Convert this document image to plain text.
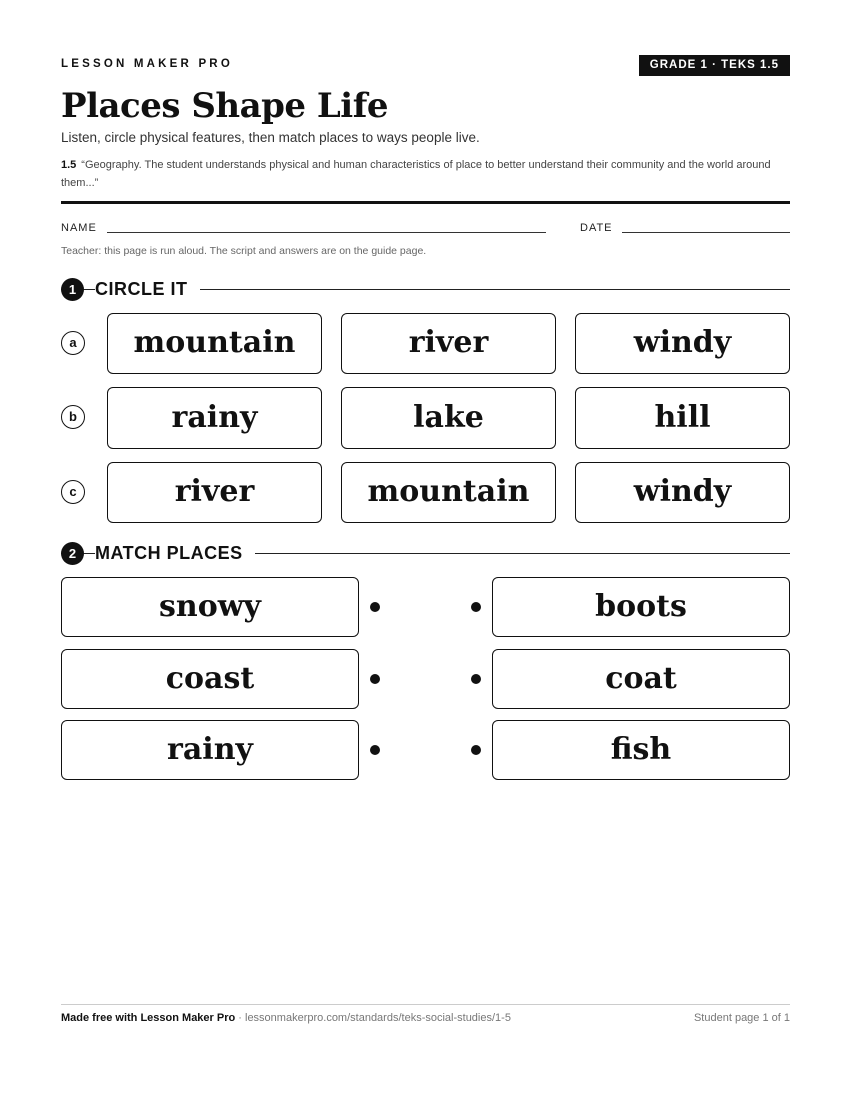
LESSON MAKER PRO	GRADE 1 · TEKS 1.5
Places Shape Life
Listen, circle physical features, then match places to ways people live.
1.5 “Geography. The student understands physical and human characteristics of place to better understand their community and the world around them...”
NAME	DATE
Teacher: this page is run aloud. The script and answers are on the guide page.
1	CIRCLE IT
a	mountain	river	windy
b	rainy	lake	hill
c	river	mountain	windy
2	MATCH PLACES
snowy	boots
coast	coat
rainy	fish
Made free with Lesson Maker Pro · lessonmakerpro.com/standards/teks-social-studies/1-5	Student page 1 of 1
